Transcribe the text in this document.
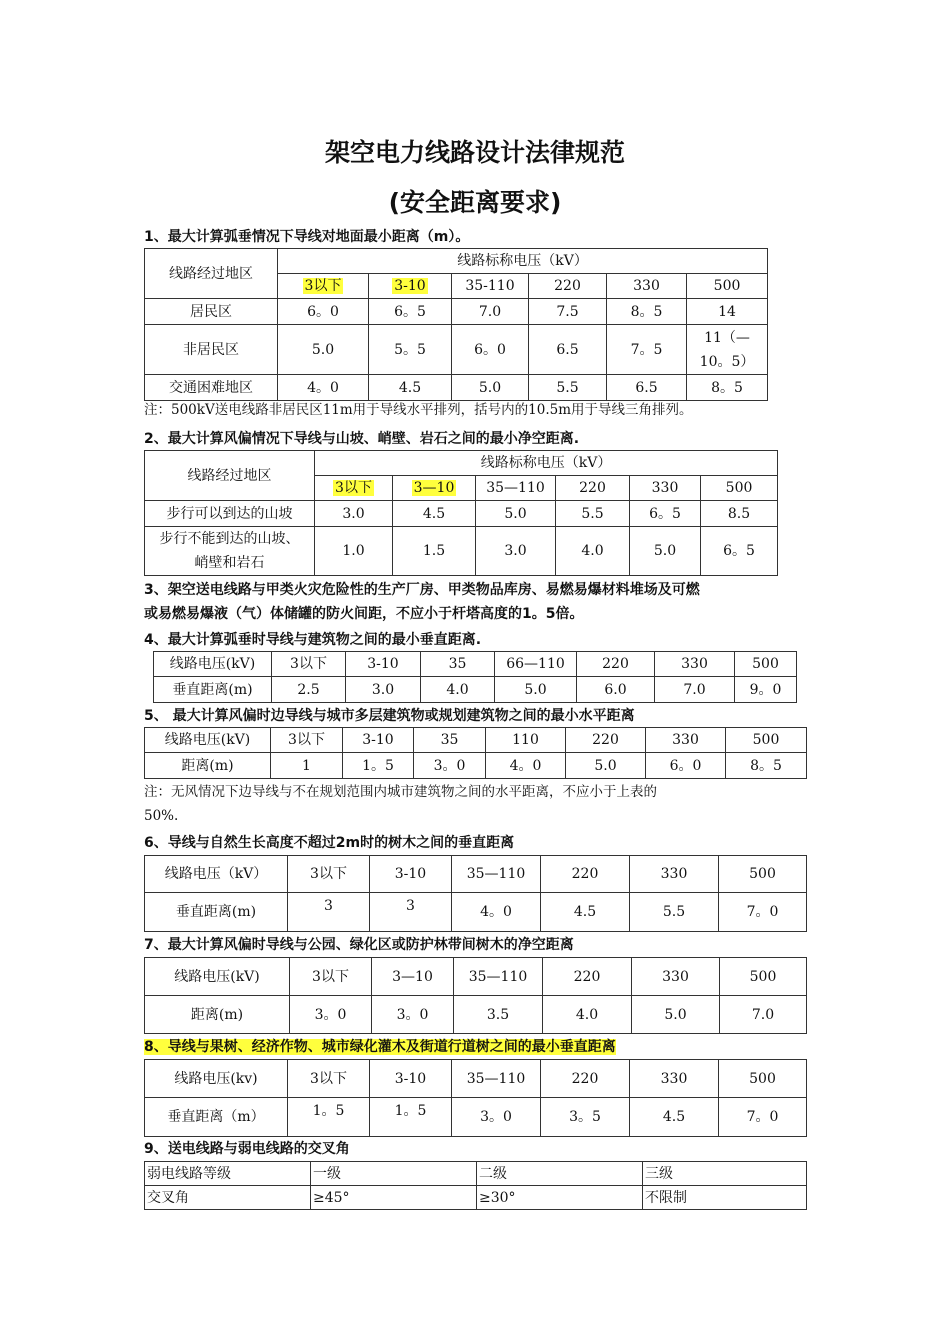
架空电力线路设计法律规范
(安全距离要求)
1、最大计算弧垂情况下导线对地面最小距离（m）。
线路经过地区	线路标称电压（kV）					
	3以下	3-10	35-110	220	330	500
居民区	6。0	6。5	7.0	7.5	8。5	14
非居民区	5.0	5。5	6。0	6.5	7。5	11（—
10。5）

交通困难地区	4。0	4.5	5.0	5.5	6.5	8。5
注：500kV送电线路非居民区11m用于导线水平排列，括号内的10.5m用于导线三角排列。
2、最大计算风偏情况下导线与山坡、峭壁、岩石之间的最小净空距离.
线路经过地区	线路标称电压（kV）					
	3以下	3—10	35—110	220	330	500
步行可以到达的山坡	3.0	4.5	5.0	5.5	6。5	8.5

步行不能到达的山坡、
峭壁和岩石	1.0	1.5	3.0	4.0	5.0	6。5
3、架空送电线路与甲类火灾危险性的生产厂房、甲类物品库房、易燃易爆材料堆场及可燃
或易燃易爆液（气）体储罐的防火间距，不应小于杆塔高度的1。5倍。
4、最大计算弧垂时导线与建筑物之间的最小垂直距离.
线路电压(kV)	3以下	3-10	35	66—110	220	330	500
垂直距离(m)	2.5	3.0	4.0	5.0	6.0	7.0	9。0
5、 最大计算风偏时边导线与城市多层建筑物或规划建筑物之间的最小水平距离
线路电压(kV)	3以下	3-10	35	110	220	330	500
距离(m)	1	1。5	3。0	4。0	5.0	6。0	8。5
注：无风情况下边导线与不在规划范围内城市建筑物之间的水平距离，不应小于上表的
50%.
6、导线与自然生长高度不超过2m时的树木之间的垂直距离
线路电压（kV）	3以下	3-10	35—110	220	330	500
垂直距离(m)	3	3	4。0	4.5	5.5	7。0
7、最大计算风偏时导线与公园、绿化区或防护林带间树木的净空距离
线路电压(kV)	3以下	3—10	35—110	220	330	500
距离(m)	3。0	3。0	3.5	4.0	5.0	7.0
8、导线与果树、经济作物、城市绿化灌木及街道行道树之间的最小垂直距离
线路电压(kv)	3以下	3-10	35—110	220	330	500
垂直距离（m）	1。5	1。5	3。0	3。5	4.5	7。0
9、送电线路与弱电线路的交叉角
弱电线路等级	一级	二级	三级
交叉角	≥45°	≥30°	不限制
